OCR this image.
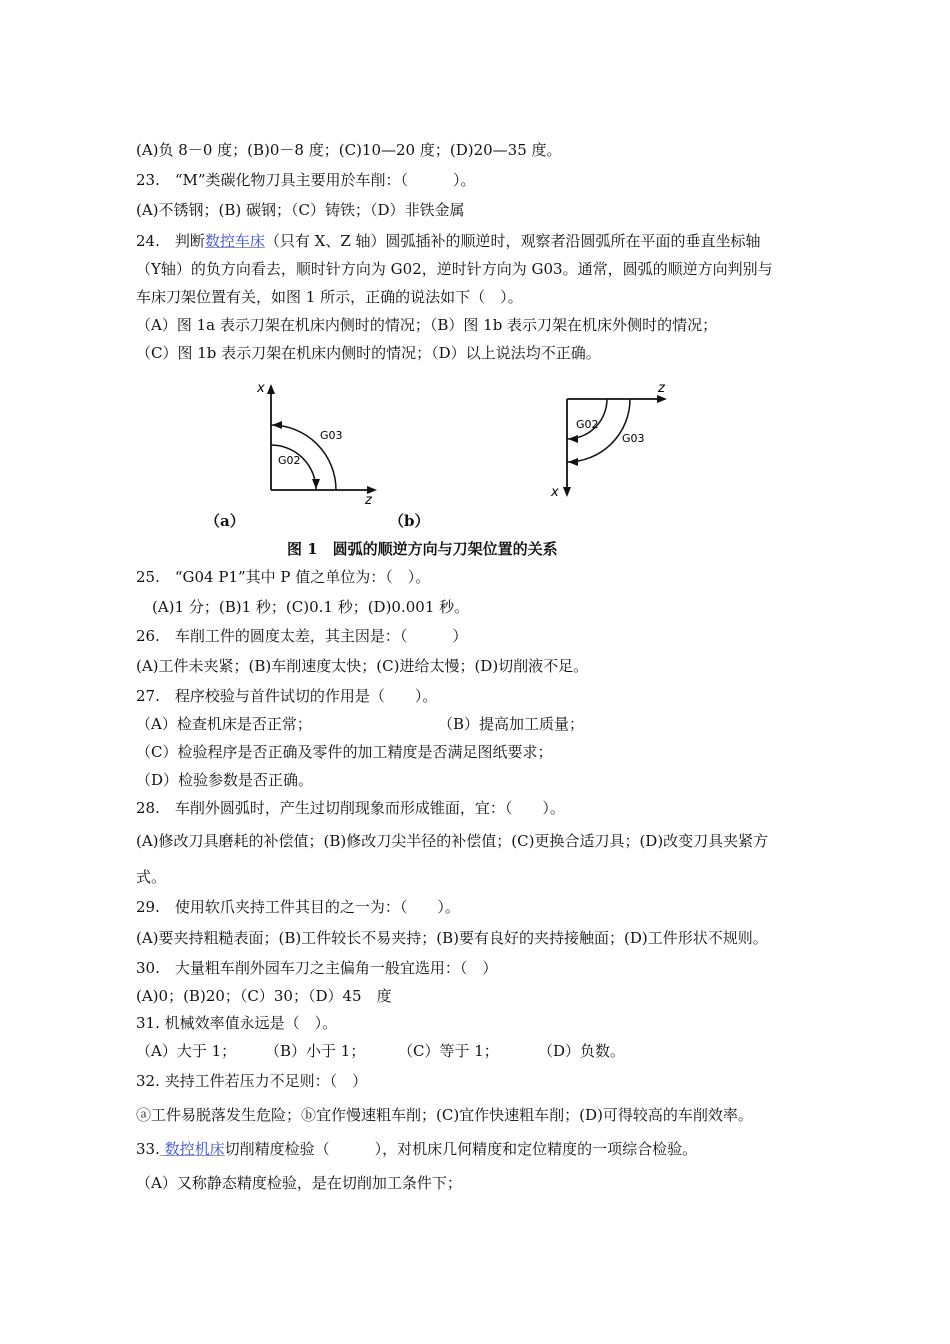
(A)负 8－0 度；(B)0－8 度；(C)10—20 度；(D)20—35 度。
23.　“M”类碳化物刀具主要用於车削：（　　　）。
(A)不锈钢；(B) 碳钢；（C）铸铁；（D）非铁金属
24.　判断数控车床（只有 X、Z 轴）圆弧插补的顺逆时，观察者沿圆弧所在平面的垂直坐标轴
（Y轴）的负方向看去，顺时针方向为 G02，逆时针方向为 G03。通常，圆弧的顺逆方向判别与
车床刀架位置有关，如图 1 所示，正确的说法如下（　）。
（A）图 1a 表示刀架在机床内侧时的情况；（B）图 1b 表示刀架在机床外侧时的情况；
（C）图 1b 表示刀架在机床内侧时的情况；（D）以上说法均不正确。
x
z
G03
G02
z
x
G02
G03
（a）	（b）
图 1　圆弧的顺逆方向与刀架位置的关系
25.　“G04 P1”其中 P 值之单位为：（　）。
(A)1 分；(B)1 秒；(C)0.1 秒；(D)0.001 秒。
26.　车削工件的圆度太差，其主因是：（　　　）
(A)工件未夹紧；(B)车削速度太快；(C)进给太慢；(D)切削液不足。
27.　程序校验与首件试切的作用是（　　）。
（A）检查机床是否正常；	（B）提高加工质量；
（C）检验程序是否正确及零件的加工精度是否满足图纸要求；
（D）检验参数是否正确。
28.　车削外圆弧时，产生过切削现象而形成锥面，宜：（　　）。
(A)修改刀具磨耗的补偿值；(B)修改刀尖半径的补偿值；(C)更换合适刀具；(D)改变刀具夹紧方
式。
29.　使用软爪夹持工件其目的之一为：（　　）。
(A)要夹持粗糙表面；(B)工件较长不易夹持；(B)要有良好的夹持接触面；(D)工件形状不规则。
30.　大量粗车削外园车刀之主偏角一般宜选用：（　）
(A)0；(B)20；（C）30；（D）45　度
31. 机械效率值永远是（　）。
（A）大于 1； （B）小于 1； （C）等于 1；	（D）负数。
32. 夹持工件若压力不足则：（　）
ⓐ工件易脱落发生危险；ⓑ宜作慢速粗车削；(C)宜作快速粗车削；(D)可得较高的车削效率。
33. 数控机床切削精度检验（　　　），对机床几何精度和定位精度的一项综合检验。
（A）又称静态精度检验，是在切削加工条件下；
